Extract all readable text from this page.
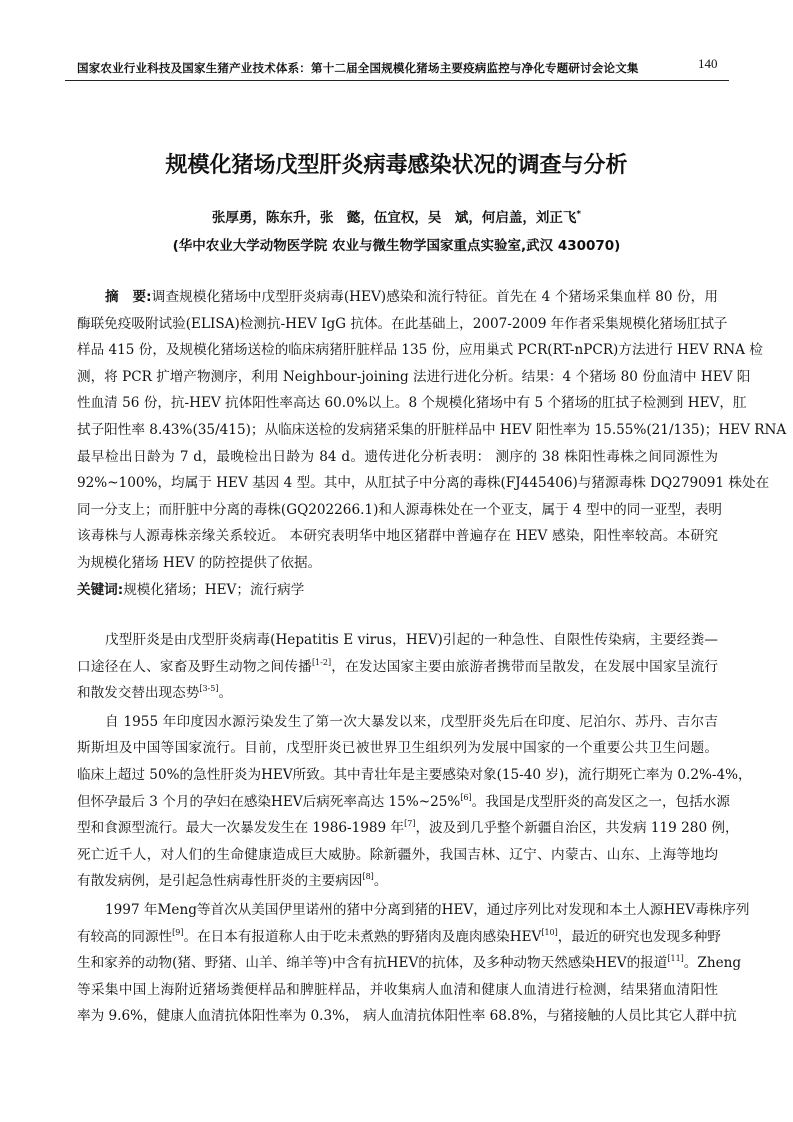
国家农业行业科技及国家生猪产业技术体系：第十二届全国规模化猪场主要疫病监控与净化专题研讨会论文集	140
规模化猪场戊型肝炎病毒感染状况的调查与分析
张厚勇，陈东升，张　懿，伍宜权，吴　斌，何启盖，刘正飞*
(华中农业大学动物医学院 农业与微生物学国家重点实验室,武汉 430070)
摘　要:调查规模化猪场中戊型肝炎病毒(HEV)感染和流行特征。首先在 4 个猪场采集血样 80 份，用
酶联免疫吸附试验(ELISA)检测抗-HEV IgG 抗体。在此基础上，2007-2009 年作者采集规模化猪场肛拭子
样品 415 份，及规模化猪场送检的临床病猪肝脏样品 135 份，应用巢式 PCR(RT-nPCR)方法进行 HEV RNA 检
测，将 PCR 扩增产物测序，利用 Neighbour-joining 法进行进化分析。结果：4 个猪场 80 份血清中 HEV 阳
性血清 56 份，抗-HEV 抗体阳性率高达 60.0%以上。8 个规模化猪场中有 5 个猪场的肛拭子检测到 HEV，肛
拭子阳性率 8.43%(35/415)；从临床送检的发病猪采集的肝脏样品中 HEV 阳性率为 15.55%(21/135)；HEV RNA
最早检出日龄为 7 d，最晚检出日龄为 84 d。遗传进化分析表明： 测序的 38 株阳性毒株之间同源性为
92%~100%，均属于 HEV 基因 4 型。其中，从肛拭子中分离的毒株(FJ445406)与猪源毒株 DQ279091 株处在
同一分支上；而肝脏中分离的毒株(GQ202266.1)和人源毒株处在一个亚支，属于 4 型中的同一亚型，表明
该毒株与人源毒株亲缘关系较近。 本研究表明华中地区猪群中普遍存在 HEV 感染，阳性率较高。本研究
为规模化猪场 HEV 的防控提供了依据。
关键词:规模化猪场；HEV；流行病学
戊型肝炎是由戊型肝炎病毒(Hepatitis E virus，HEV)引起的一种急性、自限性传染病，主要经粪—
口途径在人、家畜及野生动物之间传播[1-2]，在发达国家主要由旅游者携带而呈散发，在发展中国家呈流行
和散发交替出现态势[3-5]。
自 1955 年印度因水源污染发生了第一次大暴发以来，戊型肝炎先后在印度、尼泊尔、苏丹、吉尔吉
斯斯坦及中国等国家流行。目前，戊型肝炎已被世界卫生组织列为发展中国家的一个重要公共卫生问题。
临床上超过 50%的急性肝炎为HEV所致。其中青壮年是主要感染对象(15-40 岁)，流行期死亡率为 0.2%-4%，
但怀孕最后 3 个月的孕妇在感染HEV后病死率高达 15%~25%[6]。我国是戊型肝炎的高发区之一，包括水源
型和食源型流行。最大一次暴发发生在 1986-1989 年[7]，波及到几乎整个新疆自治区，共发病 119 280 例，
死亡近千人，对人们的生命健康造成巨大威胁。除新疆外，我国吉林、辽宁、内蒙古、山东、上海等地均
有散发病例，是引起急性病毒性肝炎的主要病因[8]。
1997 年Meng等首次从美国伊里诺州的猪中分离到猪的HEV，通过序列比对发现和本土人源HEV毒株序列
有较高的同源性[9]。在日本有报道称人由于吃未煮熟的野猪肉及鹿肉感染HEV[10]，最近的研究也发现多种野
生和家养的动物(猪、野猪、山羊、绵羊等)中含有抗HEV的抗体，及多种动物天然感染HEV的报道[11]。Zheng
等采集中国上海附近猪场粪便样品和脾脏样品，并收集病人血清和健康人血清进行检测，结果猪血清阳性
率为 9.6%，健康人血清抗体阳性率为 0.3%， 病人血清抗体阳性率 68.8%，与猪接触的人员比其它人群中抗
